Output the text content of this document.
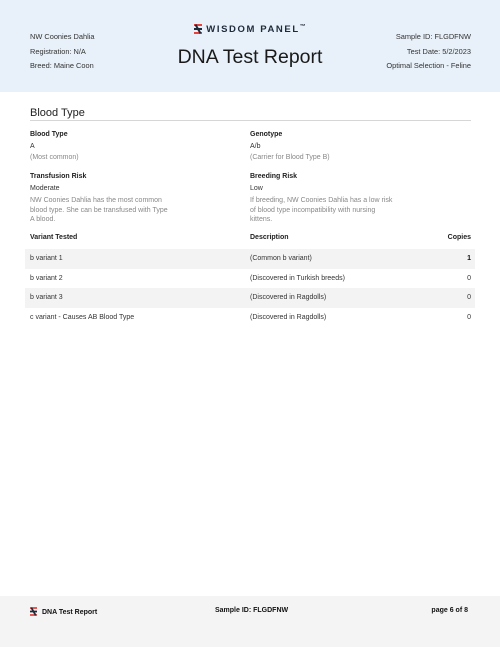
NW Coonies Dahlia
Registration: N/A
Breed: Maine Coon
WISDOM PANEL™
DNA Test Report
Sample ID: FLGDFNW
Test Date: 5/2/2023
Optimal Selection - Feline
Blood Type
Blood Type
A
(Most common)
Genotype
A/b
(Carrier for Blood Type B)
Transfusion Risk
Moderate
NW Coonies Dahlia has the most common
blood type. She can be transfused with Type
A blood.
Breeding Risk
Low
If breeding, NW Coonies Dahlia has a low risk
of blood type incompatibility with nursing
kittens.
Variant Tested	Description	Copies
b variant 1	(Common b variant)	1
b variant 2	(Discovered in Turkish breeds)	0
b variant 3	(Discovered in Ragdolls)	0
c variant - Causes AB Blood Type	(Discovered in Ragdolls)	0
DNA Test Report	Sample ID: FLGDFNW	page 6 of 8
